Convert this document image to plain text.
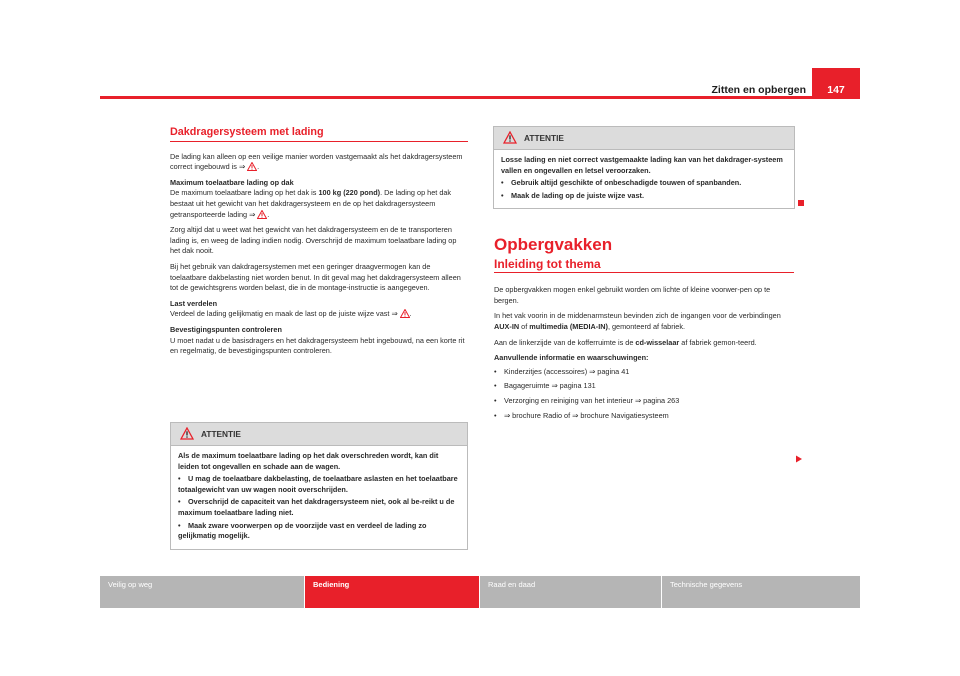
Zitten en opbergen	147
Dakdragersysteem met lading

De lading kan alleen op een veilige manier worden vastgemaakt als het dakdragersysteem correct ingebouwd is ⇒ .

Maximum toelaatbare lading op dak

De maximum toelaatbare lading op het dak is 100 kg (220 pond). De lading op het dak bestaat uit het gewicht van het dakdragersysteem en de op het dakdragersysteem getransporteerde lading ⇒ .

Zorg altijd dat u weet wat het gewicht van het dakdragersysteem en de te transporteren lading is, en weeg de lading indien nodig. Overschrijd de maximum toelaatbare lading op het dak nooit.

Bij het gebruik van dakdragersystemen met een geringer draagvermogen kan de toelaatbare dakbelasting niet worden benut. In dit geval mag het dakdragersysteem alleen tot de gewichtsgrens worden belast, die in de montage-instructie is aangegeven.

Last verdelen

Verdeel de lading gelijkmatig en maak de last op de juiste wijze vast ⇒ .

Bevestigingspunten controleren

U moet nadat u de basisdragers en het dakdragersysteem hebt ingebouwd, na een korte rit en regelmatig, de bevestigingspunten controleren.

ATTENTIE

Als de maximum toelaatbare lading op het dak overschreden wordt, kan dit leiden tot ongevallen en schade aan de wagen.

• U mag de toelaatbare dakbelasting, de toelaatbare aslasten en het toelaatbare totaalgewicht van uw wagen nooit overschrijden.

• Overschrijd de capaciteit van het dakdragersysteem niet, ook al be-reikt u de maximum toelaatbare lading niet.

• Maak zware voorwerpen op de voorzijde vast en verdeel de lading zo gelijkmatig mogelijk.

ATTENTIE

Losse lading en niet correct vastgemaakte lading kan van het dakdrager-systeem vallen en ongevallen en letsel veroorzaken.

• Gebruik altijd geschikte of onbeschadigde touwen of spanbanden.

• Maak de lading op de juiste wijze vast.

Opbergvakken
Inleiding tot thema

De opbergvakken mogen enkel gebruikt worden om lichte of kleine voorwer-pen op te bergen.

In het vak voorin in de middenarmsteun bevinden zich de ingangen voor de verbindingen AUX-IN of multimedia (MEDIA-IN), gemonteerd af fabriek.

Aan de linkerzijde van de kofferruimte is de cd-wisselaar af fabriek gemon-teerd.

Aanvullende informatie en waarschuwingen:
• Kinderzitjes (accessoires) ⇒ pagina 41
• Bagageruimte ⇒ pagina 131
• Verzorging en reiniging van het interieur ⇒ pagina 263
• ⇒ brochure Radio of ⇒ brochure Navigatiesysteem
Veilig op weg	Bediening	Raad en daad	Technische gegevens
